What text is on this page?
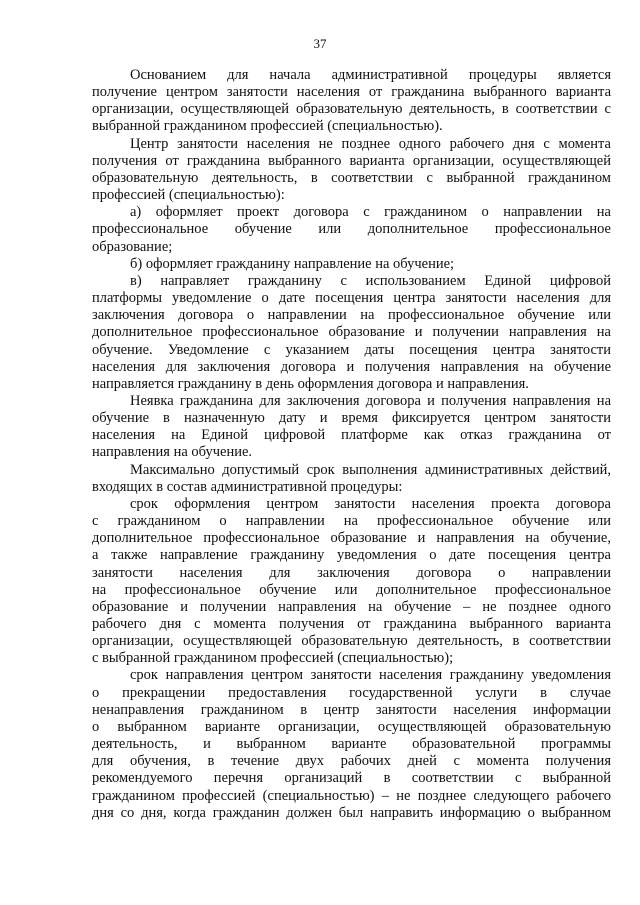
37
Основанием для начала административной процедуры является
получение центром занятости населения от гражданина выбранного варианта
организации, осуществляющей образовательную деятельность, в соответствии с
выбранной гражданином профессией (специальностью).
Центр занятости населения не позднее одного рабочего дня с момента
получения от гражданина выбранного варианта организации, осуществляющей
образовательную деятельность, в соответствии с выбранной гражданином
профессией (специальностью):
а) оформляет проект договора с гражданином о направлении на
профессиональное обучение или дополнительное профессиональное
образование;
б) оформляет гражданину направление на обучение;
в) направляет гражданину с использованием Единой цифровой
платформы уведомление о дате посещения центра занятости населения для
заключения договора о направлении на профессиональное обучение или
дополнительное профессиональное образование и получении направления на
обучение. Уведомление с указанием даты посещения центра занятости
населения для заключения договора и получения направления на обучение
направляется гражданину в день оформления договора и направления.
Неявка гражданина для заключения договора и получения направления на
обучение в назначенную дату и время фиксируется центром занятости
населения на Единой цифровой платформе как отказ гражданина от
направления на обучение.
Максимально допустимый срок выполнения административных действий,
входящих в состав административной процедуры:
срок оформления центром занятости населения проекта договора
с гражданином о направлении на профессиональное обучение или
дополнительное профессиональное образование и направления на обучение,
а также направление гражданину уведомления о дате посещения центра
занятости населения для заключения договора о направлении
на профессиональное обучение или дополнительное профессиональное
образование и получении направления на обучение – не позднее одного
рабочего дня с момента получения от гражданина выбранного варианта
организации, осуществляющей образовательную деятельность, в соответствии
с выбранной гражданином профессией (специальностью);
срок направления центром занятости населения гражданину уведомления
о прекращении предоставления государственной услуги в случае
ненаправления гражданином в центр занятости населения информации
о выбранном варианте организации, осуществляющей образовательную
деятельность, и выбранном варианте образовательной программы
для обучения, в течение двух рабочих дней с момента получения
рекомендуемого перечня организаций в соответствии с выбранной
гражданином профессией (специальностью) – не позднее следующего рабочего
дня со дня, когда гражданин должен был направить информацию о выбранном
